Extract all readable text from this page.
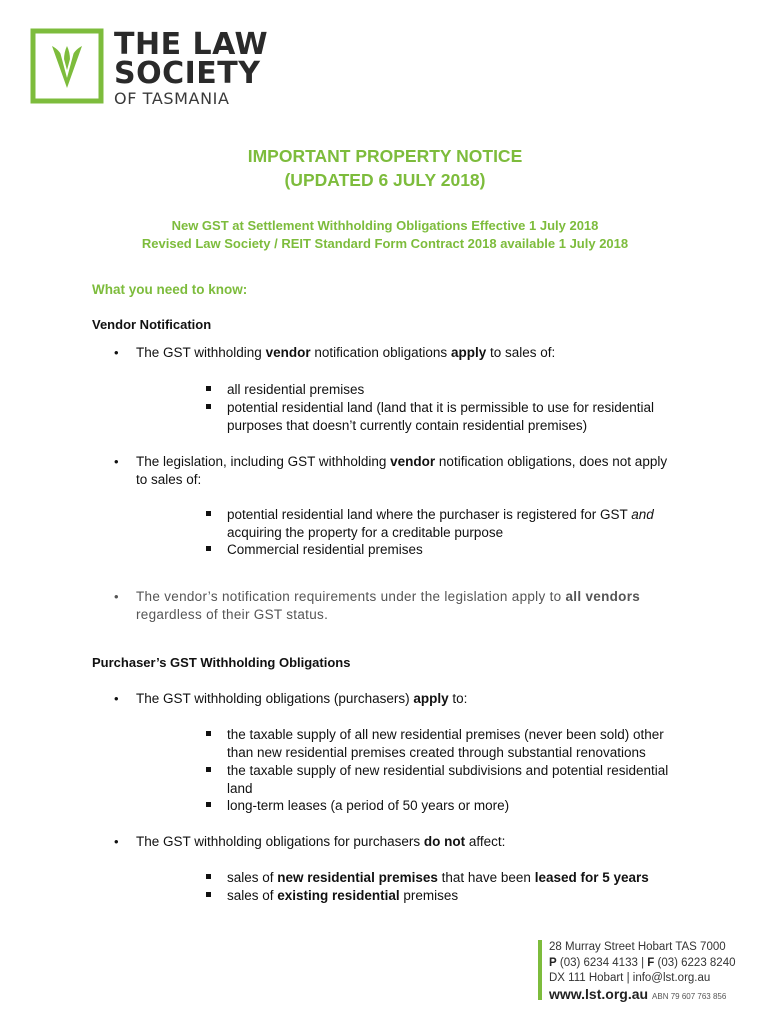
THE LAW
SOCIETY
OF TASMANIA
IMPORTANT PROPERTY NOTICE
(UPDATED 6 JULY 2018)
New GST at Settlement Withholding Obligations Effective 1 July 2018
Revised Law Society / REIT Standard Form Contract 2018 available 1 July 2018
What you need to know:
Vendor Notification
• The GST withholding vendor notification obligations apply to sales of:
all residential premises
potential residential land (land that it is permissible to use for residential purposes that doesn’t currently contain residential premises)
• The legislation, including GST withholding vendor notification obligations, does not apply to sales of:
potential residential land where the purchaser is registered for GST and acquiring the property for a creditable purpose
Commercial residential premises
• The vendor’s notification requirements under the legislation apply to all vendors regardless of their GST status.
Purchaser’s GST Withholding Obligations
• The GST withholding obligations (purchasers) apply to:
the taxable supply of all new residential premises (never been sold) other than new residential premises created through substantial renovations
the taxable supply of new residential subdivisions and potential residential land
long-term leases (a period of 50 years or more)
• The GST withholding obligations for purchasers do not affect:
sales of new residential premises that have been leased for 5 years
sales of existing residential premises
28 Murray Street Hobart TAS 7000
P (03) 6234 4133 | F (03) 6223 8240
DX 111 Hobart | info@lst.org.au
www.lst.org.au ABN 79 607 763 856
